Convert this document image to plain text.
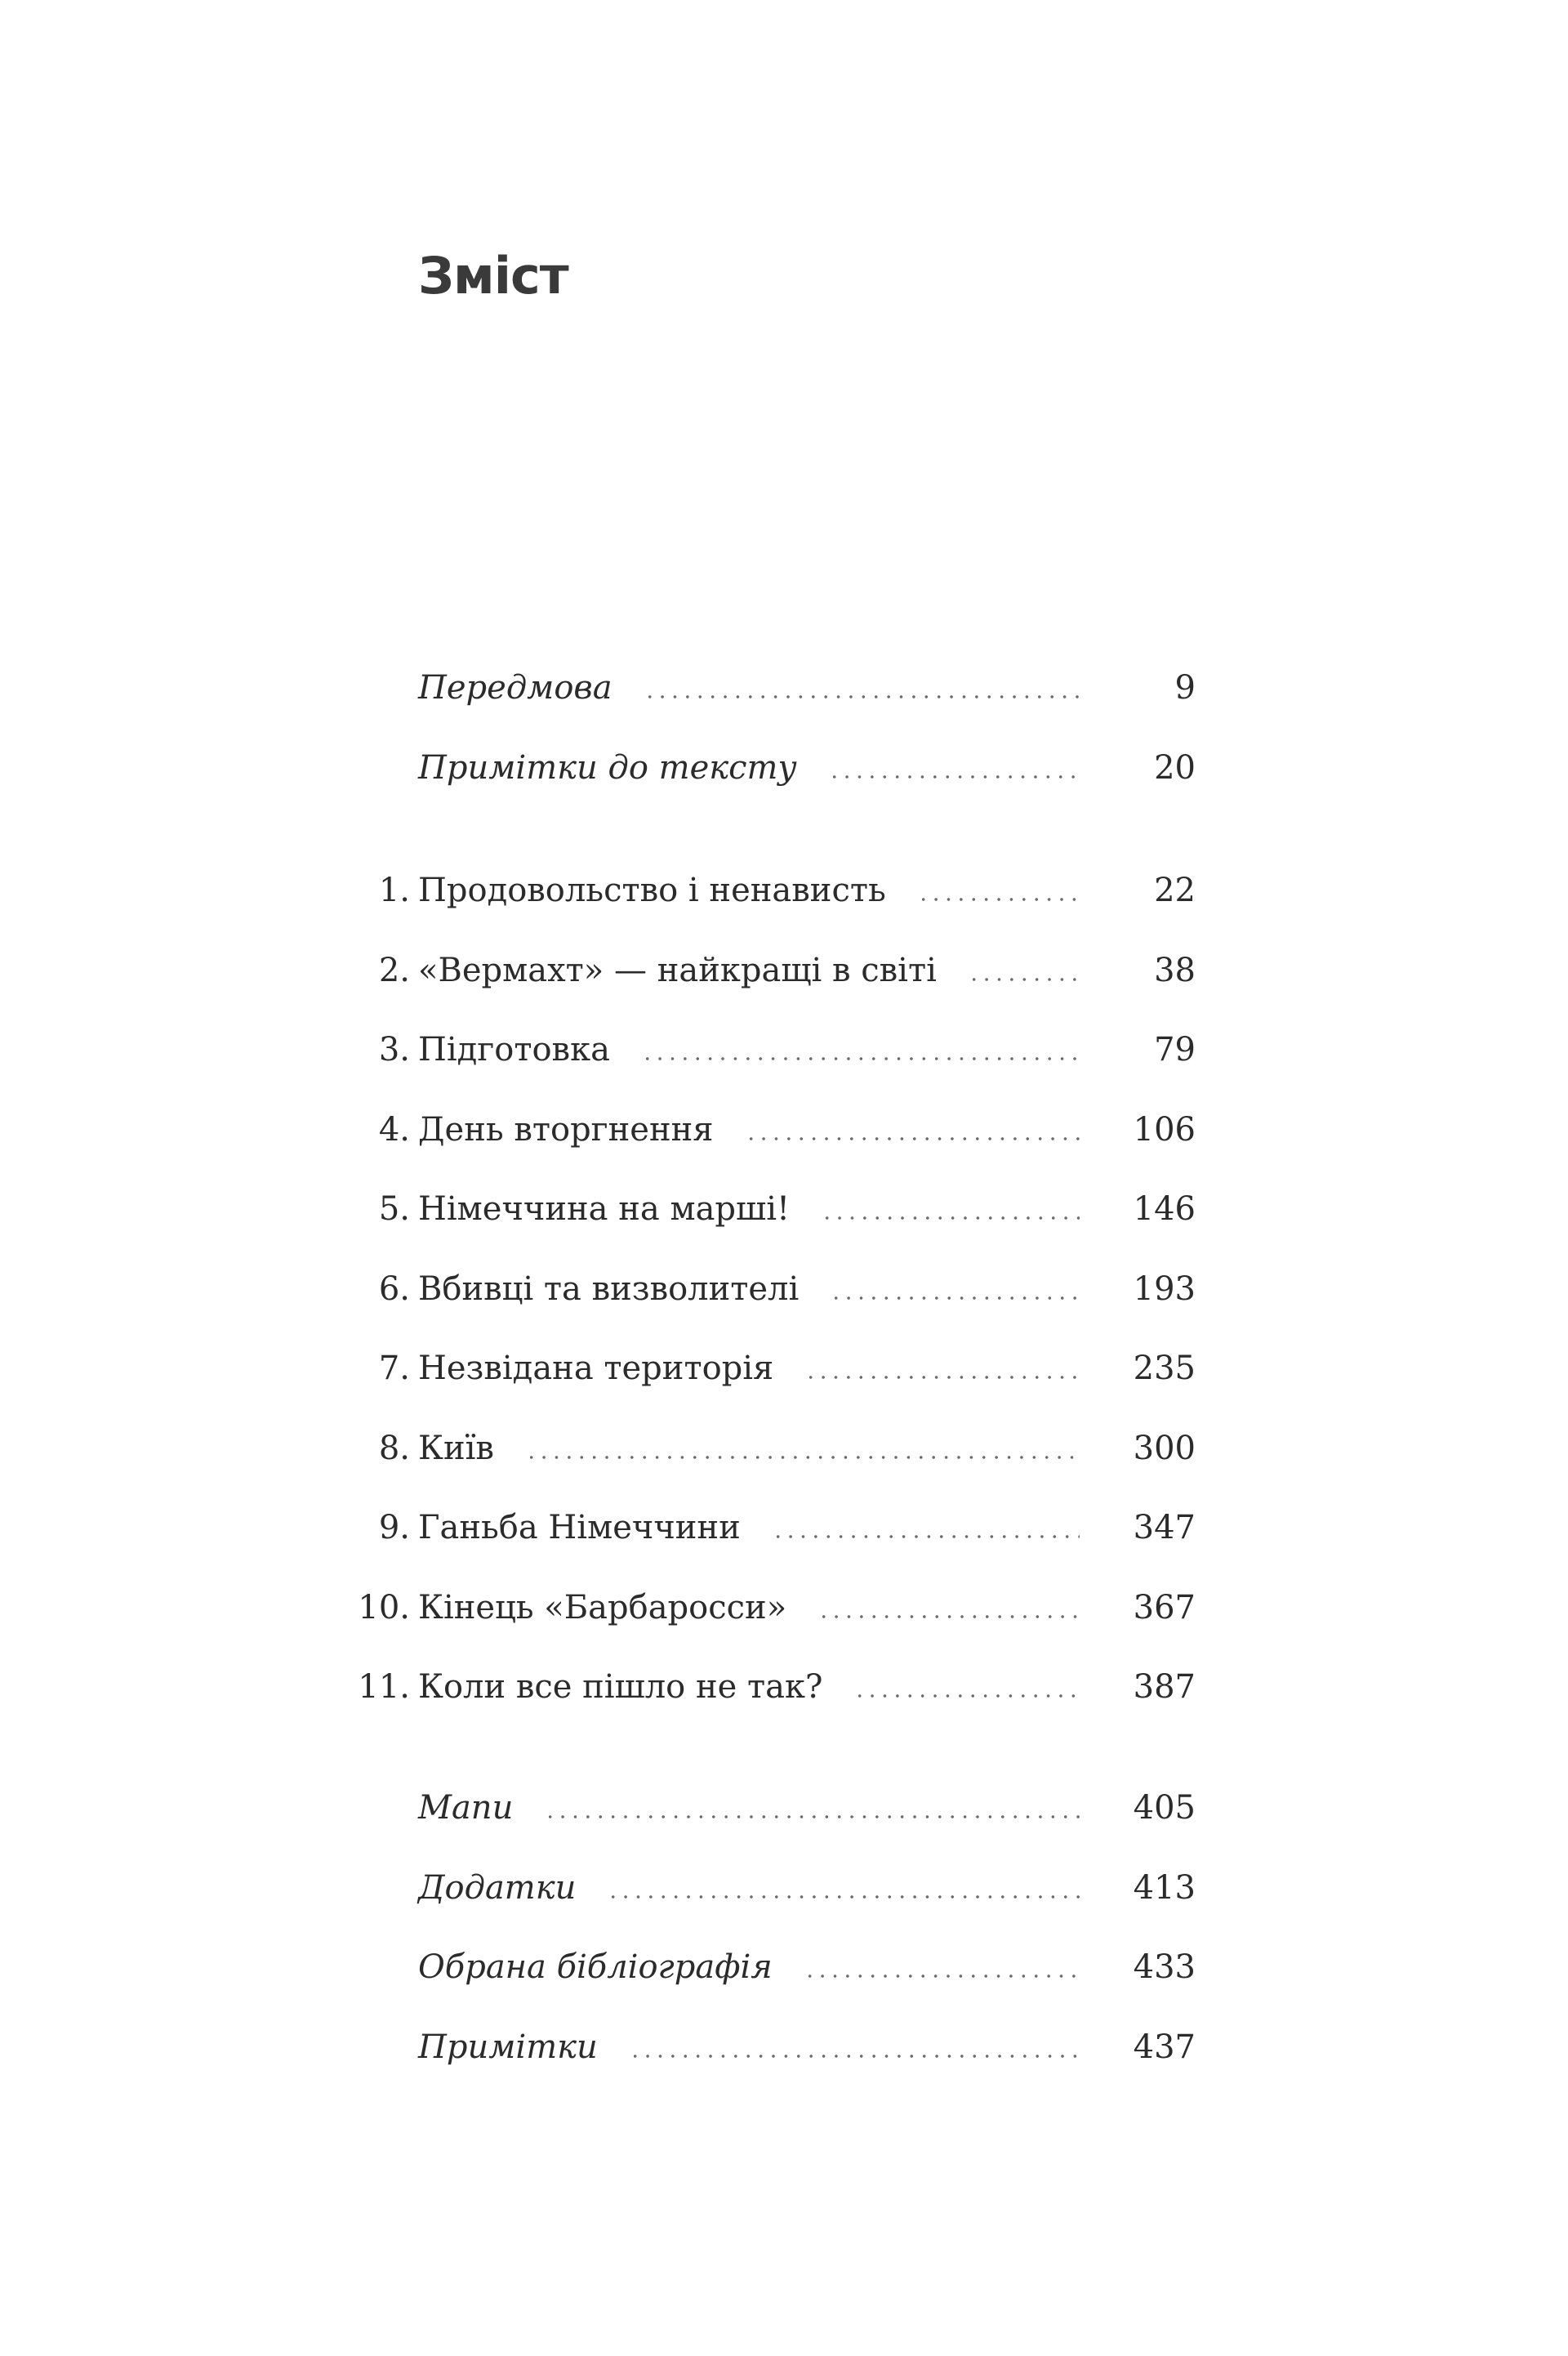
Зміст
Передмова	9
Примітки до тексту	20
1. Продовольство і ненависть	22
2. «Вермахт» — найкращі в світі	38
3. Підготовка	79
4. День вторгнення	106
5. Німеччина на марші!	146
6. Вбивці та визволителі	193
7. Незвідана територія	235
8. Київ	300
9. Ганьба Німеччини	347
10. Кінець «Барбаросси»	367
11. Коли все пішло не так?	387
Мапи	405
Додатки	413
Обрана бібліографія	433
Примітки	437
